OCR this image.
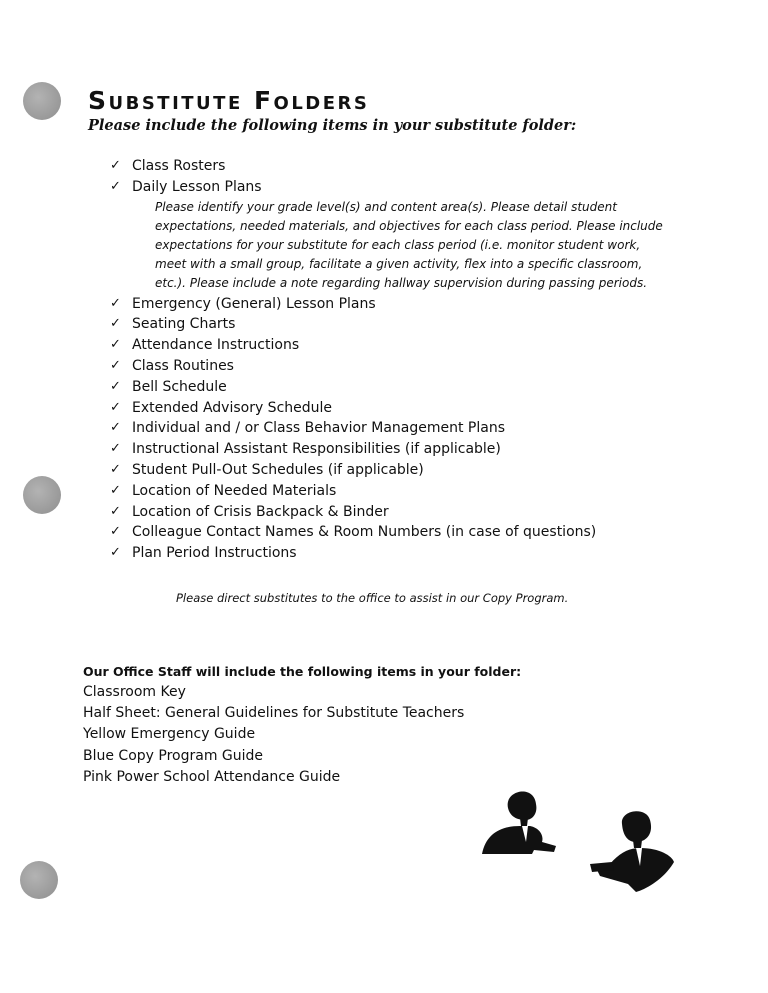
Substitute Folders

Please include the following items in your substitute folder:

✓ Class Rosters
✓ Daily Lesson Plans
Please identify your grade level(s) and content area(s). Please detail student expectations, needed materials, and objectives for each class period. Please include expectations for your substitute for each class period (i.e. monitor student work, meet with a small group, facilitate a given activity, flex into a specific classroom, etc.). Please include a note regarding hallway supervision during passing periods.
✓ Emergency (General) Lesson Plans
✓ Seating Charts
✓ Attendance Instructions
✓ Class Routines
✓ Bell Schedule
✓ Extended Advisory Schedule
✓ Individual and / or Class Behavior Management Plans
✓ Instructional Assistant Responsibilities (if applicable)
✓ Student Pull-Out Schedules (if applicable)
✓ Location of Needed Materials
✓ Location of Crisis Backpack & Binder
✓ Colleague Contact Names & Room Numbers (in case of questions)
✓ Plan Period Instructions
Please direct substitutes to the office to assist in our Copy Program.

Our Office Staff will include the following items in your folder:

Classroom Key
Half Sheet: General Guidelines for Substitute Teachers
Yellow Emergency Guide
Blue Copy Program Guide
Pink Power School Attendance Guide
